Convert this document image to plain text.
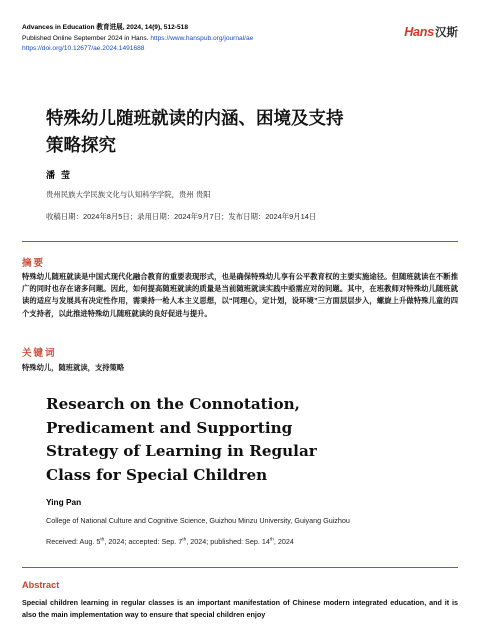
Advances in Education 教育进展, 2024, 14(9), 512-518
Published Online September 2024 in Hans. https://www.hanspub.org/journal/ae
https://doi.org/10.12677/ae.2024.1491688
Hans 汉斯
特殊幼儿随班就读的内涵、困境及支持
策略探究
潘莹
贵州民族大学民族文化与认知科学学院，贵州 贵阳
收稿日期：2024年8月5日；录用日期：2024年9月7日；发布日期：2024年9月14日
摘要
特殊幼儿随班就读是中国式现代化融合教育的重要表现形式，也是确保特殊幼儿享有公平教育权的主要实施途径。但随班就读在不断推广的同时也存在诸多问题。因此，如何提高随班就读的质量是当前随班就读实践中亟需应对的问题。其中，在班教师对特殊幼儿随班就读的适应与发展具有决定性作用，需秉持一枪人本主义思想，以“同理心，定计划，设环境”三方面层层步入，螺旋上升做特殊儿童的四个支持者，以此推进特殊幼儿随班就读的良好促进与提升。
关键词
特殊幼儿，随班就读，支持策略
Research on the Connotation,
Predicament and Supporting
Strategy of Learning in Regular
Class for Special Children
Ying Pan
College of National Culture and Cognitive Science, Guizhou Minzu University, Guiyang Guizhou
Received: Aug. 5th, 2024; accepted: Sep. 7th, 2024; published: Sep. 14th, 2024
Abstract
Special children learning in regular classes is an important manifestation of Chinese modern integrated education, and it is also the main implementation way to ensure that special children enjoy
